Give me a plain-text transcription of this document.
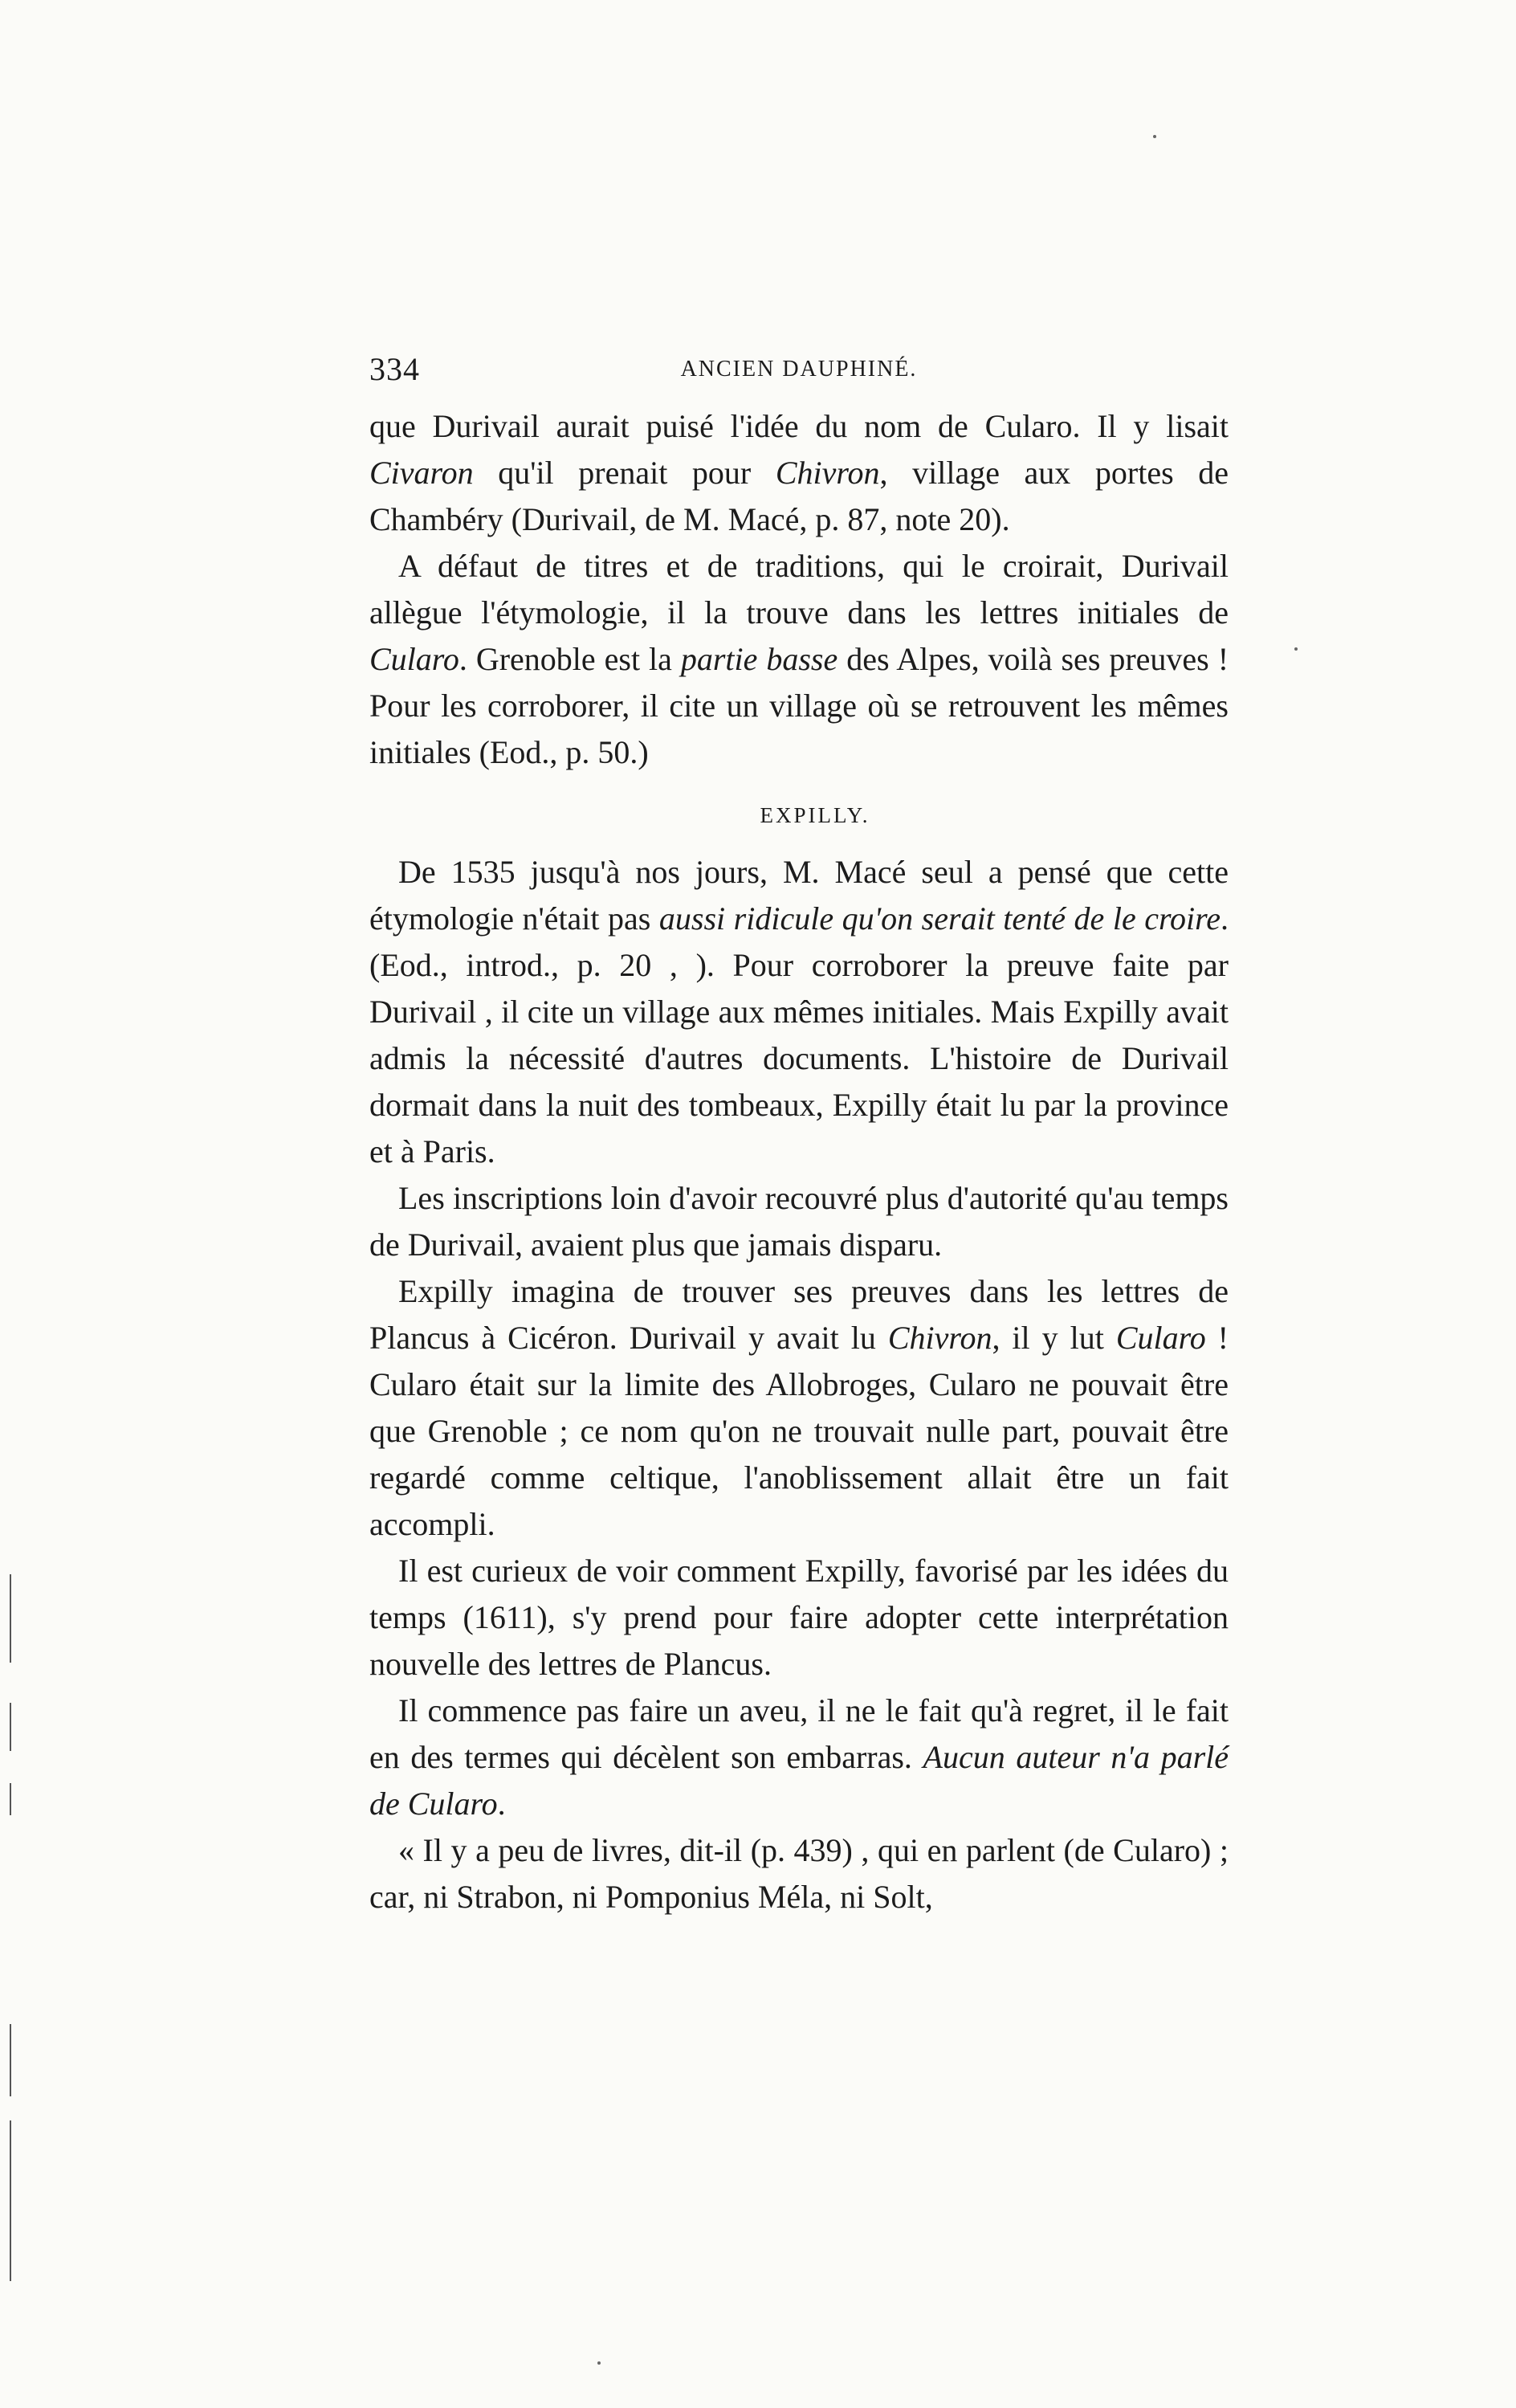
334	ANCIEN DAUPHINÉ.

que Durivail aurait puisé l'idée du nom de Cularo. Il y lisait Civaron qu'il prenait pour Chivron, village aux portes de Chambéry (Durivail, de M. Macé, p. 87, note 20).

A défaut de titres et de traditions, qui le croirait, Durivail allègue l'étymologie, il la trouve dans les lettres initiales de Cularo. Grenoble est la partie basse des Alpes, voilà ses preuves ! Pour les corroborer, il cite un village où se retrouvent les mêmes initiales (Eod., p. 50.)

EXPILLY.

De 1535 jusqu'à nos jours, M. Macé seul a pensé que cette étymologie n'était pas aussi ridicule qu'on serait tenté de le croire. (Eod., introd., p. 20 , ). Pour corroborer la preuve faite par Durivail , il cite un village aux mêmes initiales. Mais Expilly avait admis la nécessité d'autres documents. L'histoire de Durivail dormait dans la nuit des tombeaux, Expilly était lu par la province et à Paris.

Les inscriptions loin d'avoir recouvré plus d'autorité qu'au temps de Durivail, avaient plus que jamais disparu.

Expilly imagina de trouver ses preuves dans les lettres de Plancus à Cicéron. Durivail y avait lu Chivron, il y lut Cularo ! Cularo était sur la limite des Allobroges, Cularo ne pouvait être que Grenoble ; ce nom qu'on ne trouvait nulle part, pouvait être regardé comme celtique, l'anoblissement allait être un fait accompli.

Il est curieux de voir comment Expilly, favorisé par les idées du temps (1611), s'y prend pour faire adopter cette interprétation nouvelle des lettres de Plancus.

Il commence pas faire un aveu, il ne le fait qu'à regret, il le fait en des termes qui décèlent son embarras. Aucun auteur n'a parlé de Cularo.

« Il y a peu de livres, dit-il (p. 439) , qui en parlent (de Cularo) ; car, ni Strabon, ni Pomponius Méla, ni Solt,
